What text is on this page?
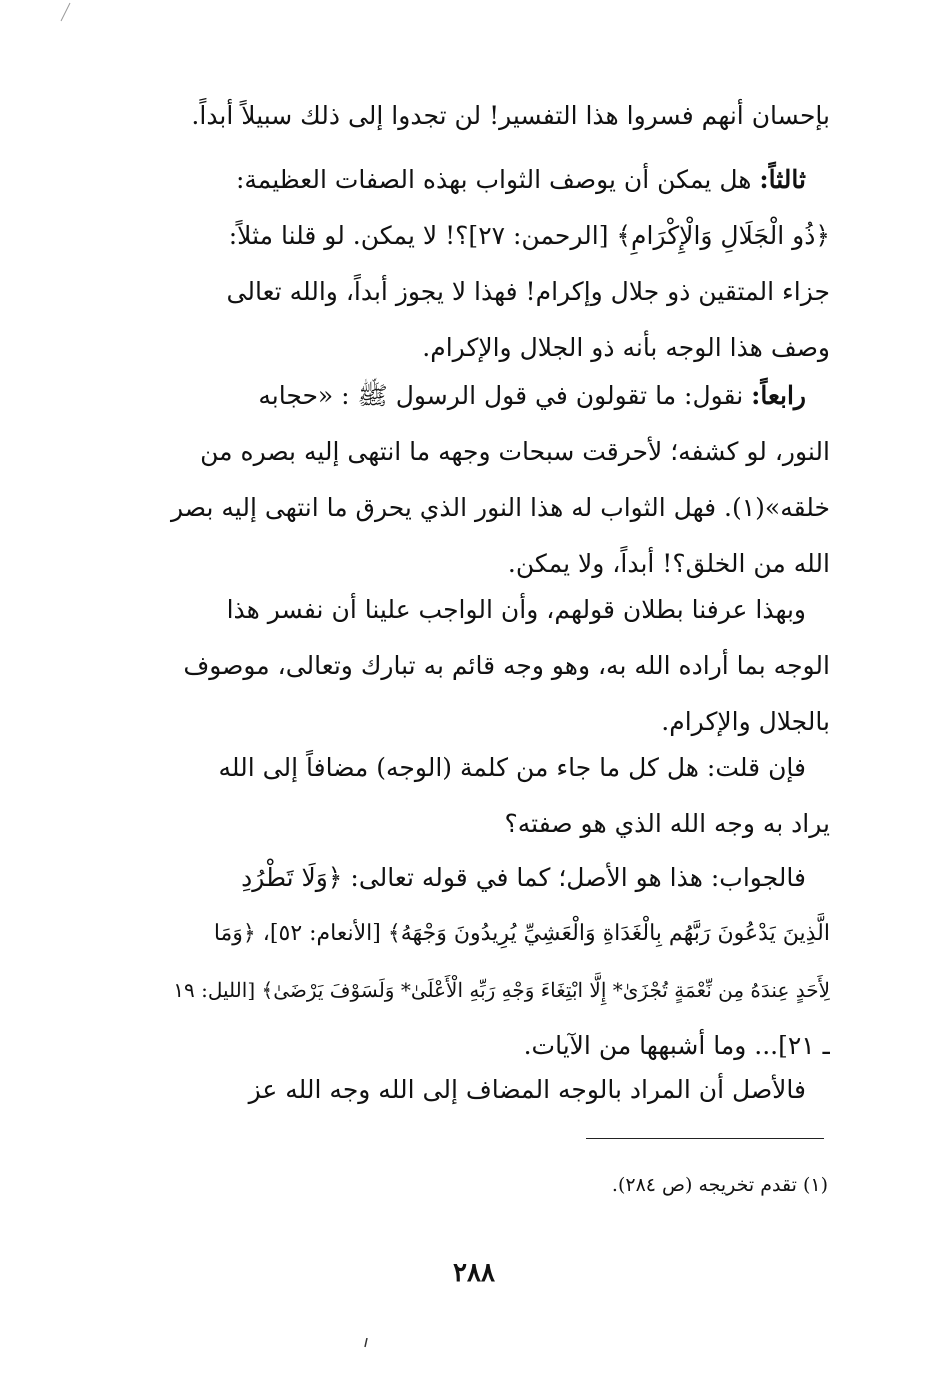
بإحسان أنهم فسروا هذا التفسير! لن تجدوا إلى ذلك سبيلاً أبداً.
ثالثاً: هل يمكن أن يوصف الثواب بهذه الصفات العظيمة:
﴿ذُو الْجَلَالِ وَالْإِكْرَامِ﴾ [الرحمن: ٢٧]؟! لا يمكن. لو قلنا مثلاً:
جزاء المتقين ذو جلال وإكرام! فهذا لا يجوز أبداً، والله تعالى
وصف هذا الوجه بأنه ذو الجلال والإكرام.
رابعاً: نقول: ما تقولون في قول الرسول ﷺ : «حجابه
النور، لو كشفه؛ لأحرقت سبحات وجهه ما انتهى إليه بصره من
خلقه»(١). فهل الثواب له هذا النور الذي يحرق ما انتهى إليه بصر
الله من الخلق؟! أبداً، ولا يمكن.
وبهذا عرفنا بطلان قولهم، وأن الواجب علينا أن نفسر هذا
الوجه بما أراده الله به، وهو وجه قائم به تبارك وتعالى، موصوف
بالجلال والإكرام.
فإن قلت: هل كل ما جاء من كلمة (الوجه) مضافاً إلى الله
يراد به وجه الله الذي هو صفته؟
فالجواب: هذا هو الأصل؛ كما في قوله تعالى: ﴿وَلَا تَطْرُدِ
الَّذِينَ يَدْعُونَ رَبَّهُم بِالْغَدَاةِ وَالْعَشِيِّ يُرِيدُونَ وَجْهَهُ﴾ [الأنعام: ٥٢]، ﴿وَمَا
لِأَحَدٍ عِندَهُ مِن نِّعْمَةٍ تُجْزَىٰ* إِلَّا ابْتِغَاءَ وَجْهِ رَبِّهِ الْأَعْلَىٰ* وَلَسَوْفَ يَرْضَىٰ﴾ [الليل: ١٩
ـ ٢١]... وما أشبهها من الآيات.
فالأصل أن المراد بالوجه المضاف إلى الله وجه الله عز
(١) تقدم تخريجه (ص ٢٨٤).
٢٨٨
